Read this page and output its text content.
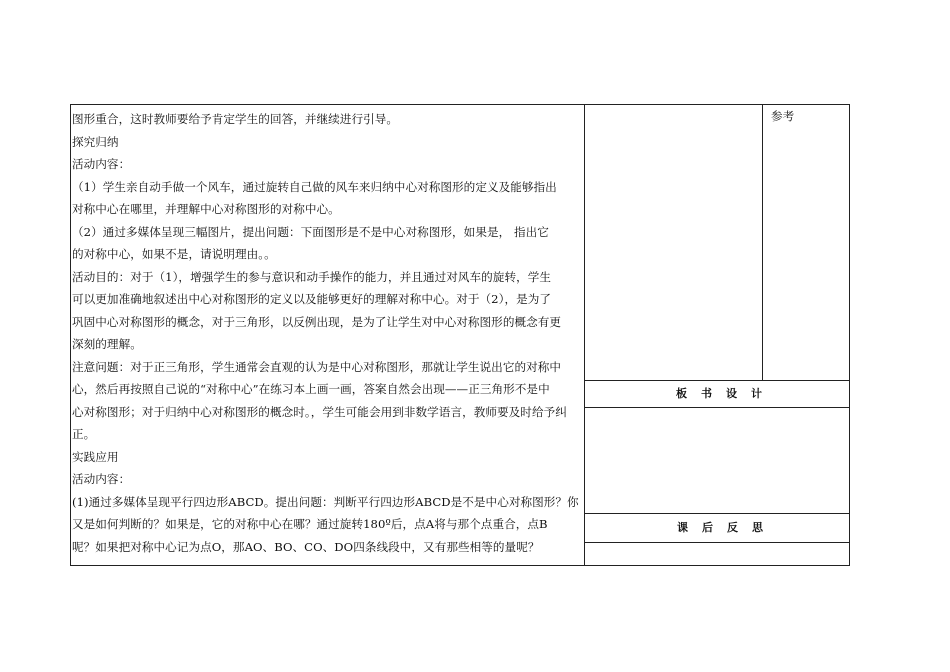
图形重合，这时教师要给予肯定学生的回答，并继续进行引导。

探究归纳

活动内容：

（1）学生亲自动手做一个风车，通过旋转自己做的风车来归纳中心对称图形的定义及能够指出

对称中心在哪里，并理解中心对称图形的对称中心。

（2）通过多媒体呈现三幅图片，提出问题：下面图形是不是中心对称图形，如果是， 指出它

的对称中心，如果不是，请说明理由。。

活动目的：对于（1），增强学生的参与意识和动手操作的能力，并且通过对风车的旋转，学生

可以更加准确地叙述出中心对称图形的定义以及能够更好的理解对称中心。对于（2），是为了

巩固中心对称图形的概念，对于三角形，以反例出现，是为了让学生对中心对称图形的概念有更

深刻的理解。

注意问题：对于正三角形，学生通常会直观的认为是中心对称图形，那就让学生说出它的对称中

心，然后再按照自己说的“对称中心”在练习本上画一画，答案自然会出现——正三角形不是中

心对称图形；对于归纳中心对称图形的概念时。，学生可能会用到非数学语言，教师要及时给予纠

正。

实践应用

活动内容：

(1)通过多媒体呈现平行四边形ABCD。提出问题：判断平行四边形ABCD是不是中心对称图形？你

又是如何判断的？如果是，它的对称中心在哪？通过旋转180º后，点A将与那个点重合，点B

呢？如果把对称中心记为点O，那AO、BO、CO、DO四条线段中，又有那些相等的量呢？

参考
板书设计
课后反思
